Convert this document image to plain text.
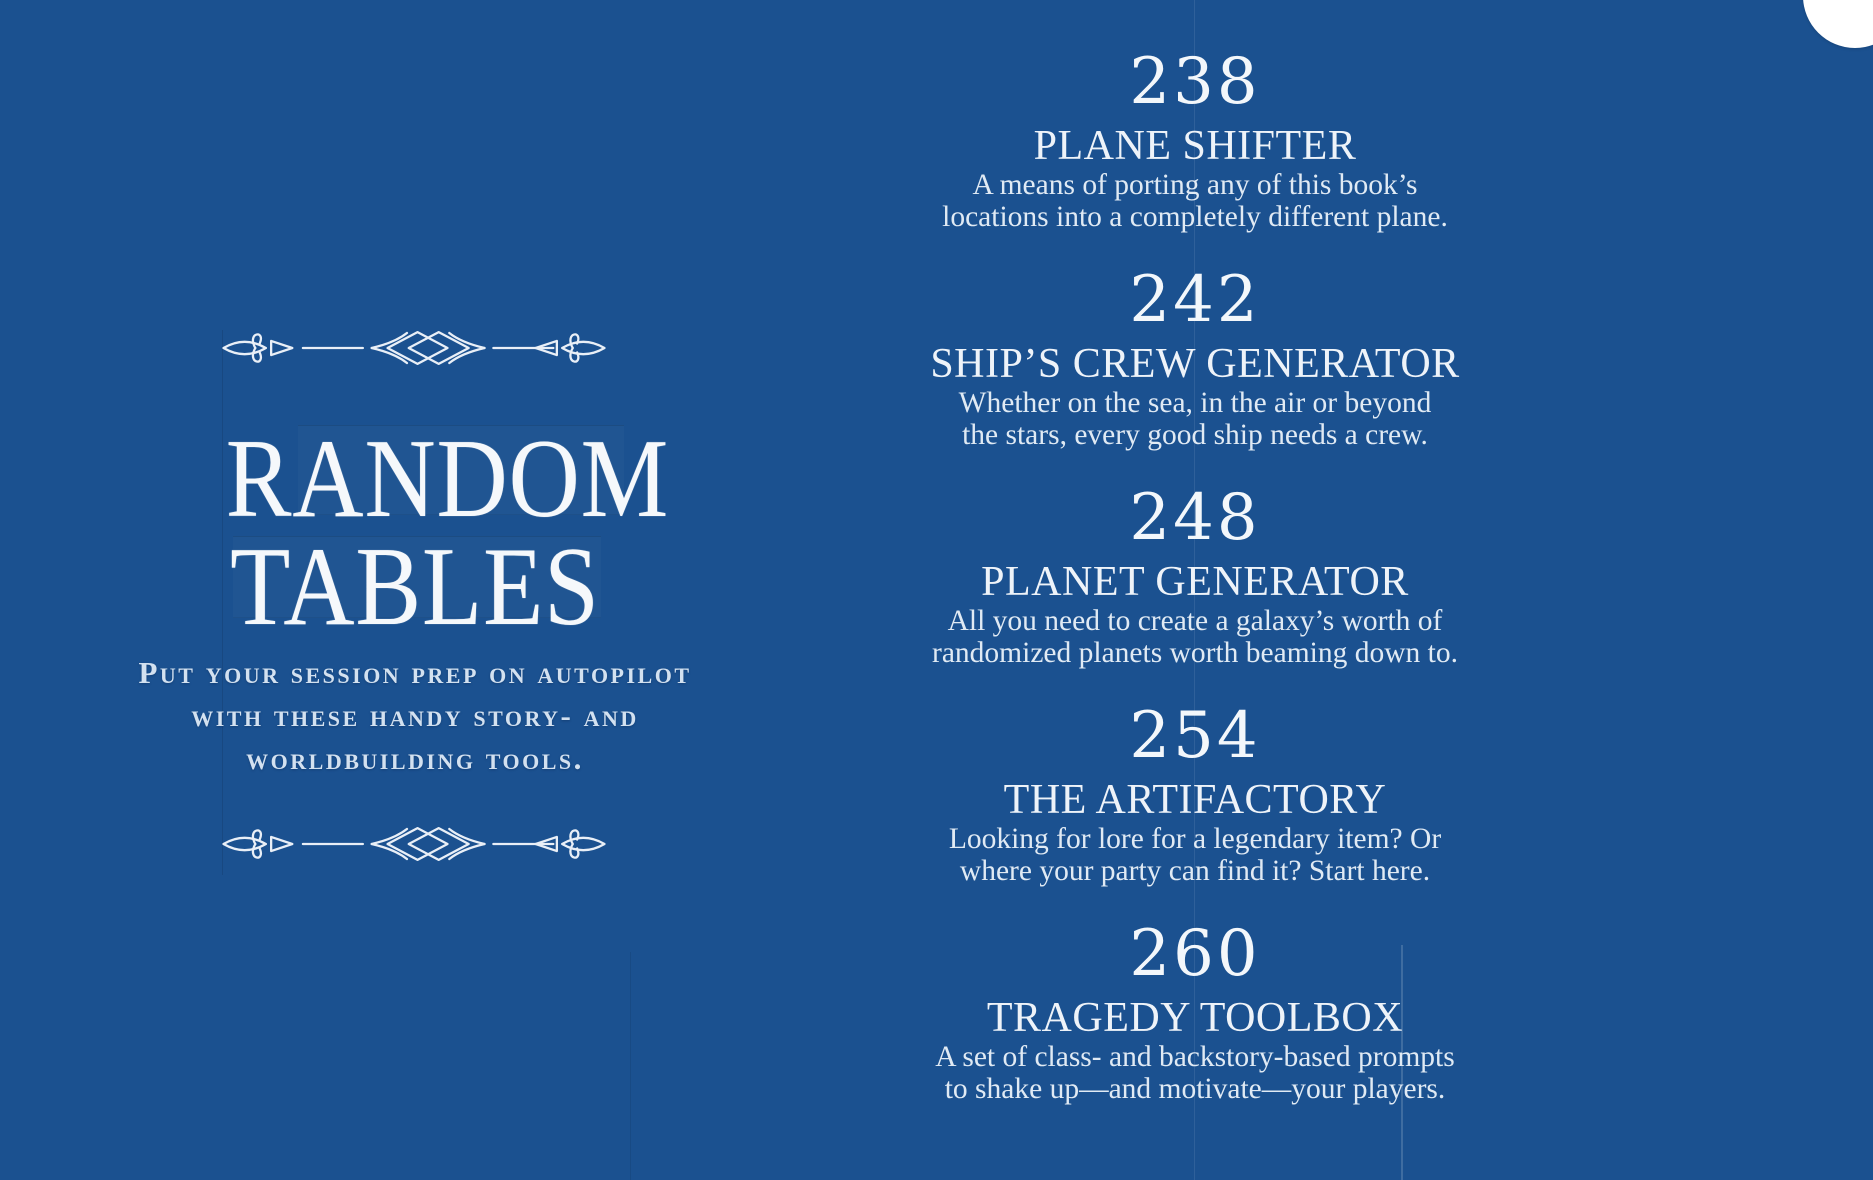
RANDOM
TABLES
Put your session prep on autopilot
with these handy story- and
worldbuilding tools.
238
PLANE SHIFTER
A means of porting any of this book’s
locations into a completely different plane.
242
SHIP’S CREW GENERATOR
Whether on the sea, in the air or beyond
the stars, every good ship needs a crew.
248
PLANET GENERATOR
All you need to create a galaxy’s worth of
randomized planets worth beaming down to.
254
THE ARTIFACTORY
Looking for lore for a legendary item? Or
where your party can find it? Start here.
260
TRAGEDY TOOLBOX
A set of class- and backstory-based prompts
to shake up—and motivate—your players.
